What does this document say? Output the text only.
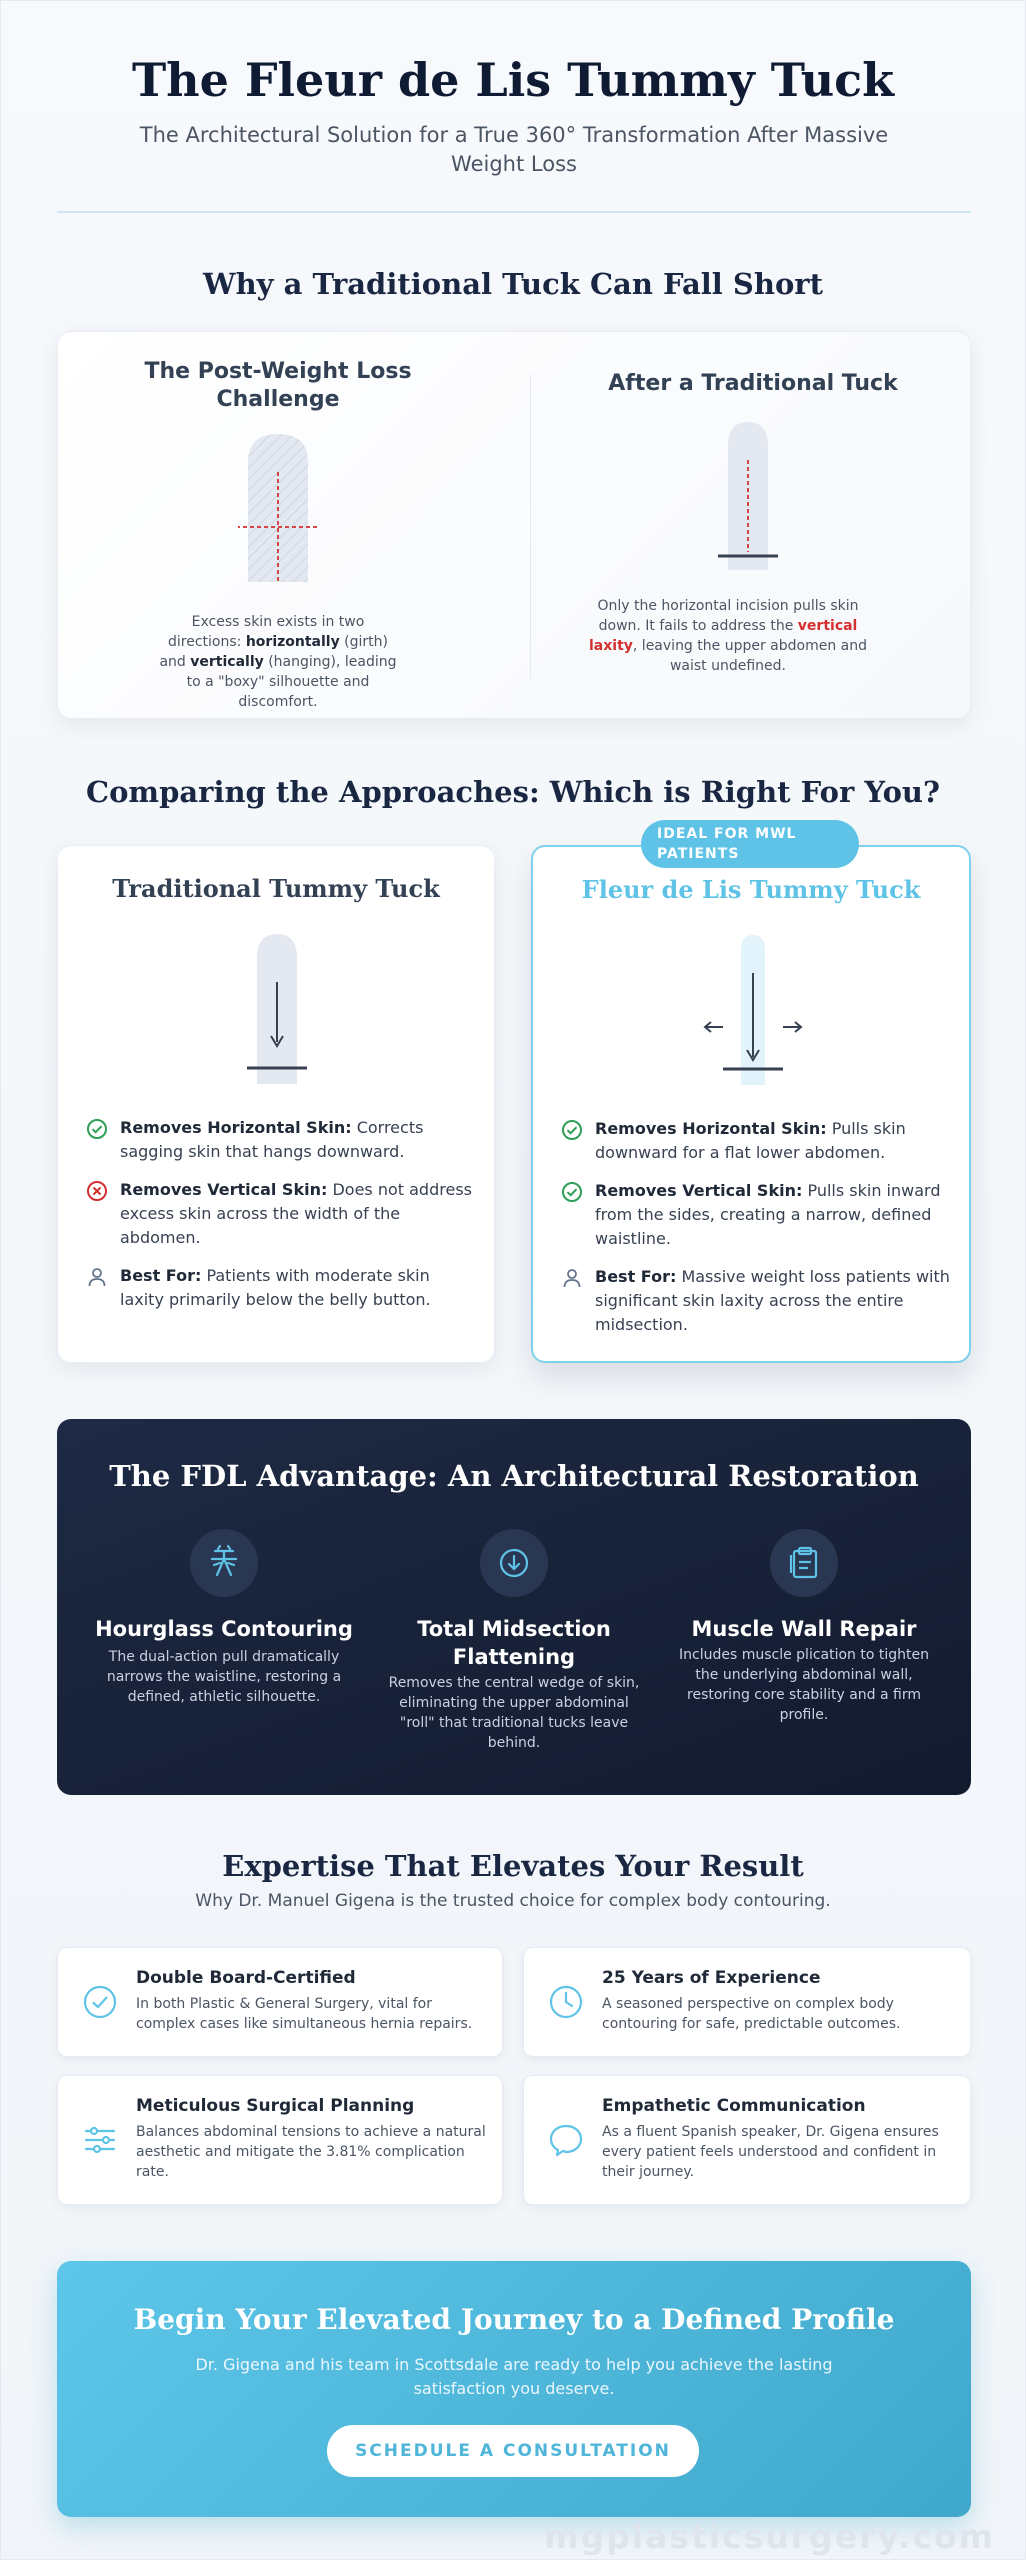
The Fleur de Lis Tummy Tuck

The Architectural Solution for a True 360° Transformation After Massive Weight Loss

Why a Traditional Tuck Can Fall Short
The Post-Weight Loss Challenge

Excess skin exists in two directions: horizontally (girth) and vertically (hanging), leading to a "boxy" silhouette and discomfort.

After a Traditional Tuck

Only the horizontal incision pulls skin down. It fails to address the vertical laxity, leaving the upper abdomen and waist undefined.

Comparing the Approaches: Which is Right For You?
Traditional Tummy Tuck
Removes Horizontal Skin: Corrects sagging skin that hangs downward.
Removes Vertical Skin: Does not address excess skin across the width of the abdomen.
Best For: Patients with moderate skin laxity primarily below the belly button.
Fleur de Lis Tummy Tuck
Removes Horizontal Skin: Pulls skin downward for a flat lower abdomen.
Removes Vertical Skin: Pulls skin inward from the sides, creating a narrow, defined waistline.
Best For: Massive weight loss patients with significant skin laxity across the entire midsection.
IDEAL FOR MWL PATIENTS
The FDL Advantage: An Architectural Restoration
Hourglass Contouring
The dual-action pull dramatically narrows the waistline, restoring a defined, athletic silhouette.
Total Midsection Flattening
Removes the central wedge of skin, eliminating the upper abdominal "roll" that traditional tucks leave behind.
Muscle Wall Repair
Includes muscle plication to tighten the underlying abdominal wall, restoring core stability and a firm profile.
Expertise That Elevates Your Result

Why Dr. Manuel Gigena is the trusted choice for complex body contouring.

Double Board-Certified
In both Plastic & General Surgery, vital for complex cases like simultaneous hernia repairs.
25 Years of Experience
A seasoned perspective on complex body contouring for safe, predictable outcomes.
Meticulous Surgical Planning
Balances abdominal tensions to achieve a natural aesthetic and mitigate the 3.81% complication rate.
Empathetic Communication
As a fluent Spanish speaker, Dr. Gigena ensures every patient feels understood and confident in their journey.
Begin Your Elevated Journey to a Defined Profile

Dr. Gigena and his team in Scottsdale are ready to help you achieve the lasting satisfaction you deserve.

SCHEDULE A CONSULTATION
mgplasticsurgery.com
